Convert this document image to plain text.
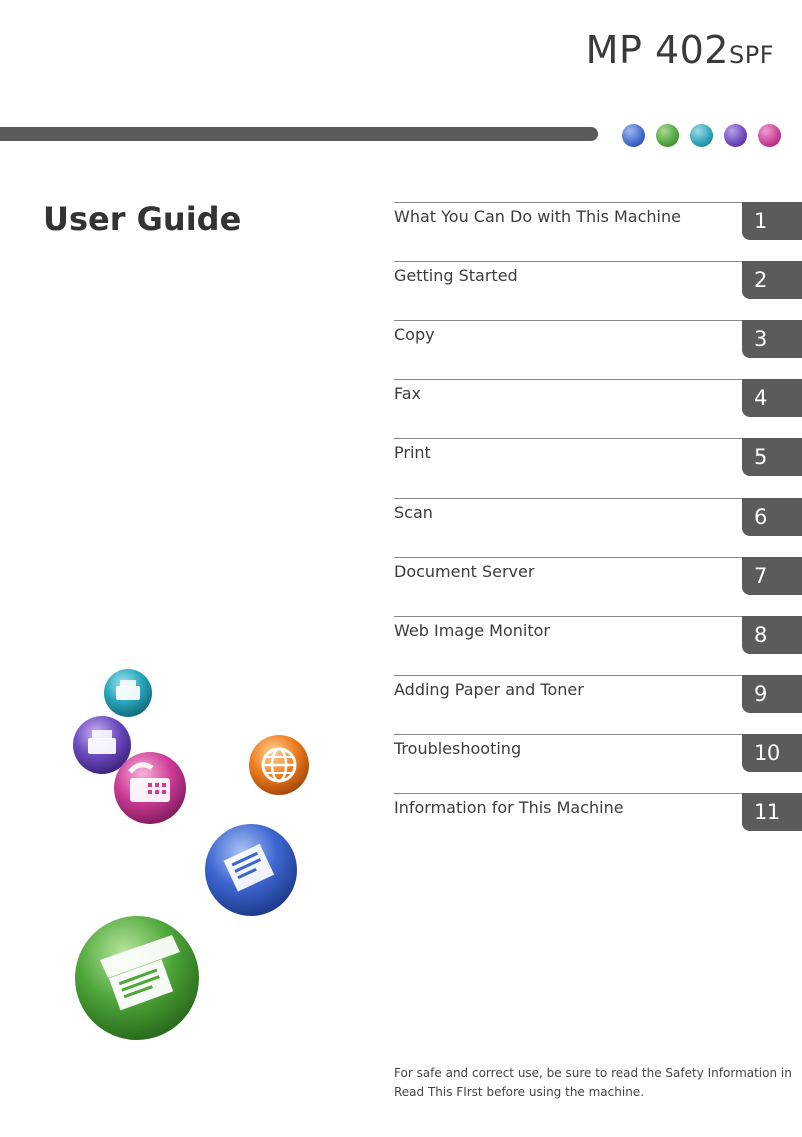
MP 402SPF
User Guide	What You Can Do with This Machine	1
Getting Started	2
Copy	3
Fax	4
Print	5
Scan	6
Document Server	7
Web Image Monitor	8
Adding Paper and Toner	9
Troubleshooting	10
Information for This Machine	11
For safe and correct use, be sure to read the Safety Information in
Read This FIrst before using the machine.
